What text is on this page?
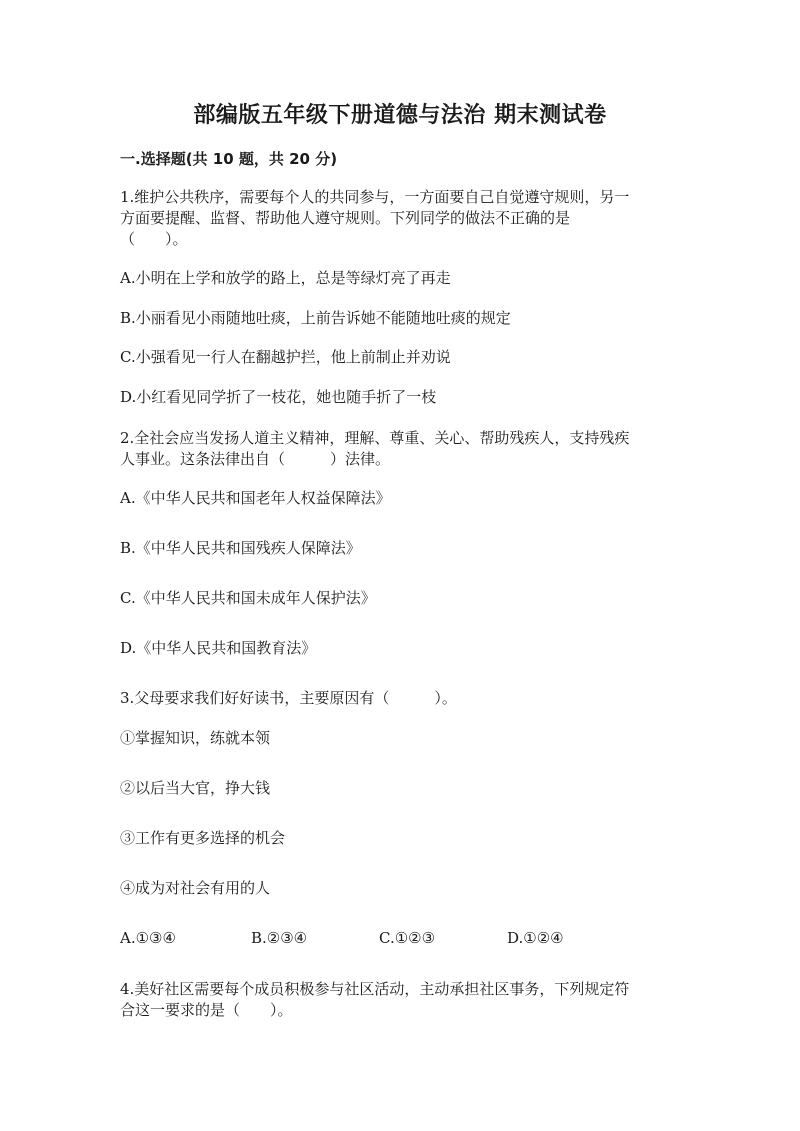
部编版五年级下册道德与法治 期末测试卷
一.选择题(共 10 题，共 20 分)
1.维护公共秩序，需要每个人的共同参与，一方面要自己自觉遵守规则，另一
方面要提醒、监督、帮助他人遵守规则。下列同学的做法不正确的是
（　　）。
A.小明在上学和放学的路上，总是等绿灯亮了再走
B.小丽看见小雨随地吐痰，上前告诉她不能随地吐痰的规定
C.小强看见一行人在翻越护拦，他上前制止并劝说
D.小红看见同学折了一枝花，她也随手折了一枝
2.全社会应当发扬人道主义精神，理解、尊重、关心、帮助残疾人，支持残疾
人事业。这条法律出自（　　　）法律。
A.《中华人民共和国老年人权益保障法》
B.《中华人民共和国残疾人保障法》
C.《中华人民共和国未成年人保护法》
D.《中华人民共和国教育法》
3.父母要求我们好好读书，主要原因有（　　　）。
①掌握知识，练就本领
②以后当大官，挣大钱
③工作有更多选择的机会
④成为对社会有用的人
A.①③④	B.②③④	C.①②③	D.①②④
4.美好社区需要每个成员积极参与社区活动，主动承担社区事务，下列规定符
合这一要求的是（　　）。
